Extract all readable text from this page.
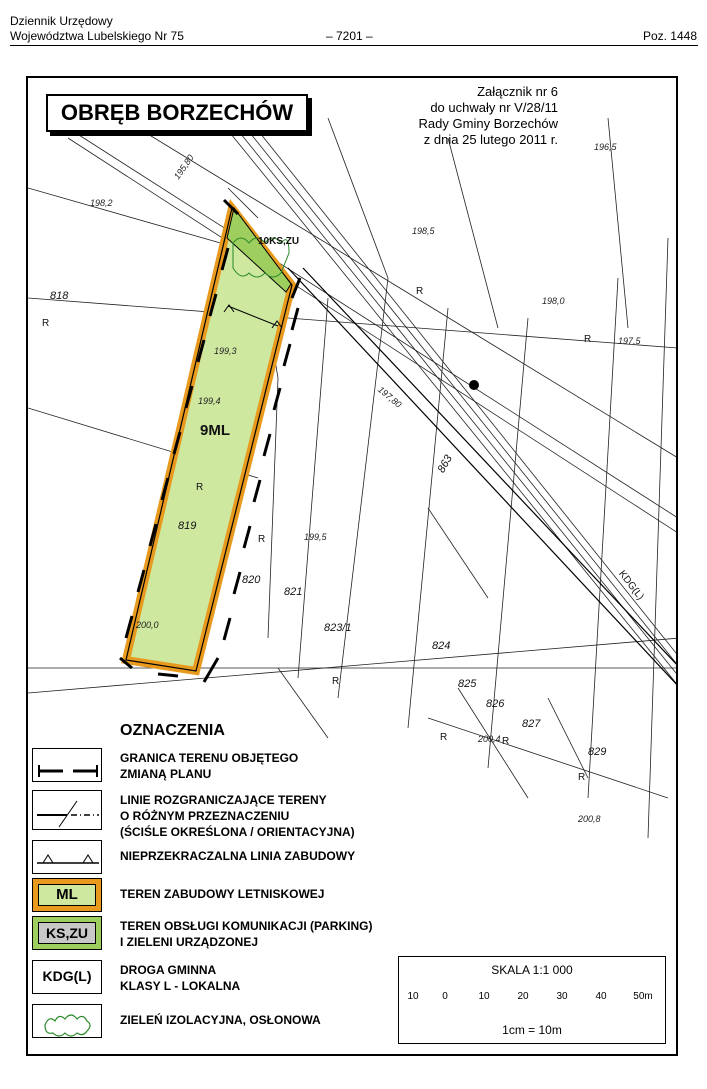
Dziennik Urzędowy
Województwa Lubelskiego Nr 75	– 7201 –	Poz. 1448
OBRĘB BORZECHÓW
Załącznik nr 6
do uchwały nr V/28/11
Rady Gminy Borzechów
z dnia 25 lutego 2011 r.
9ML
10KS,ZU
KDG(L)
818
819
820
821
823/1
824
825
826
827
829
863
R
R
R
R
R	R
R
R
R
198,2
196,5
197,5
198,5
198,0
199,3
199,4
199,5
200,0
200,4
200,8
197,80
195,80
OZNACZENIA
GRANICA TERENU OBJĘTEGO
ZMIANĄ PLANU
LINIE ROZGRANICZAJĄCE TERENY
O RÓŻNYM PRZEZNACZENIU
(ŚCIŚLE OKREŚLONA / ORIENTACYJNA)
NIEPRZEKRACZALNA LINIA ZABUDOWY
ML	TEREN ZABUDOWY LETNISKOWEJ
KS,ZU	TEREN OBSŁUGI KOMUNIKACJI (PARKING)
I ZIELENI URZĄDZONEJ
KDG(L)	DROGA GMINNA
KLASY L - LOKALNA
ZIELEŃ IZOLACYJNA, OSŁONOWA
SKALA 1:1 000
10 0	10	20	30	40	50m
1cm = 10m
